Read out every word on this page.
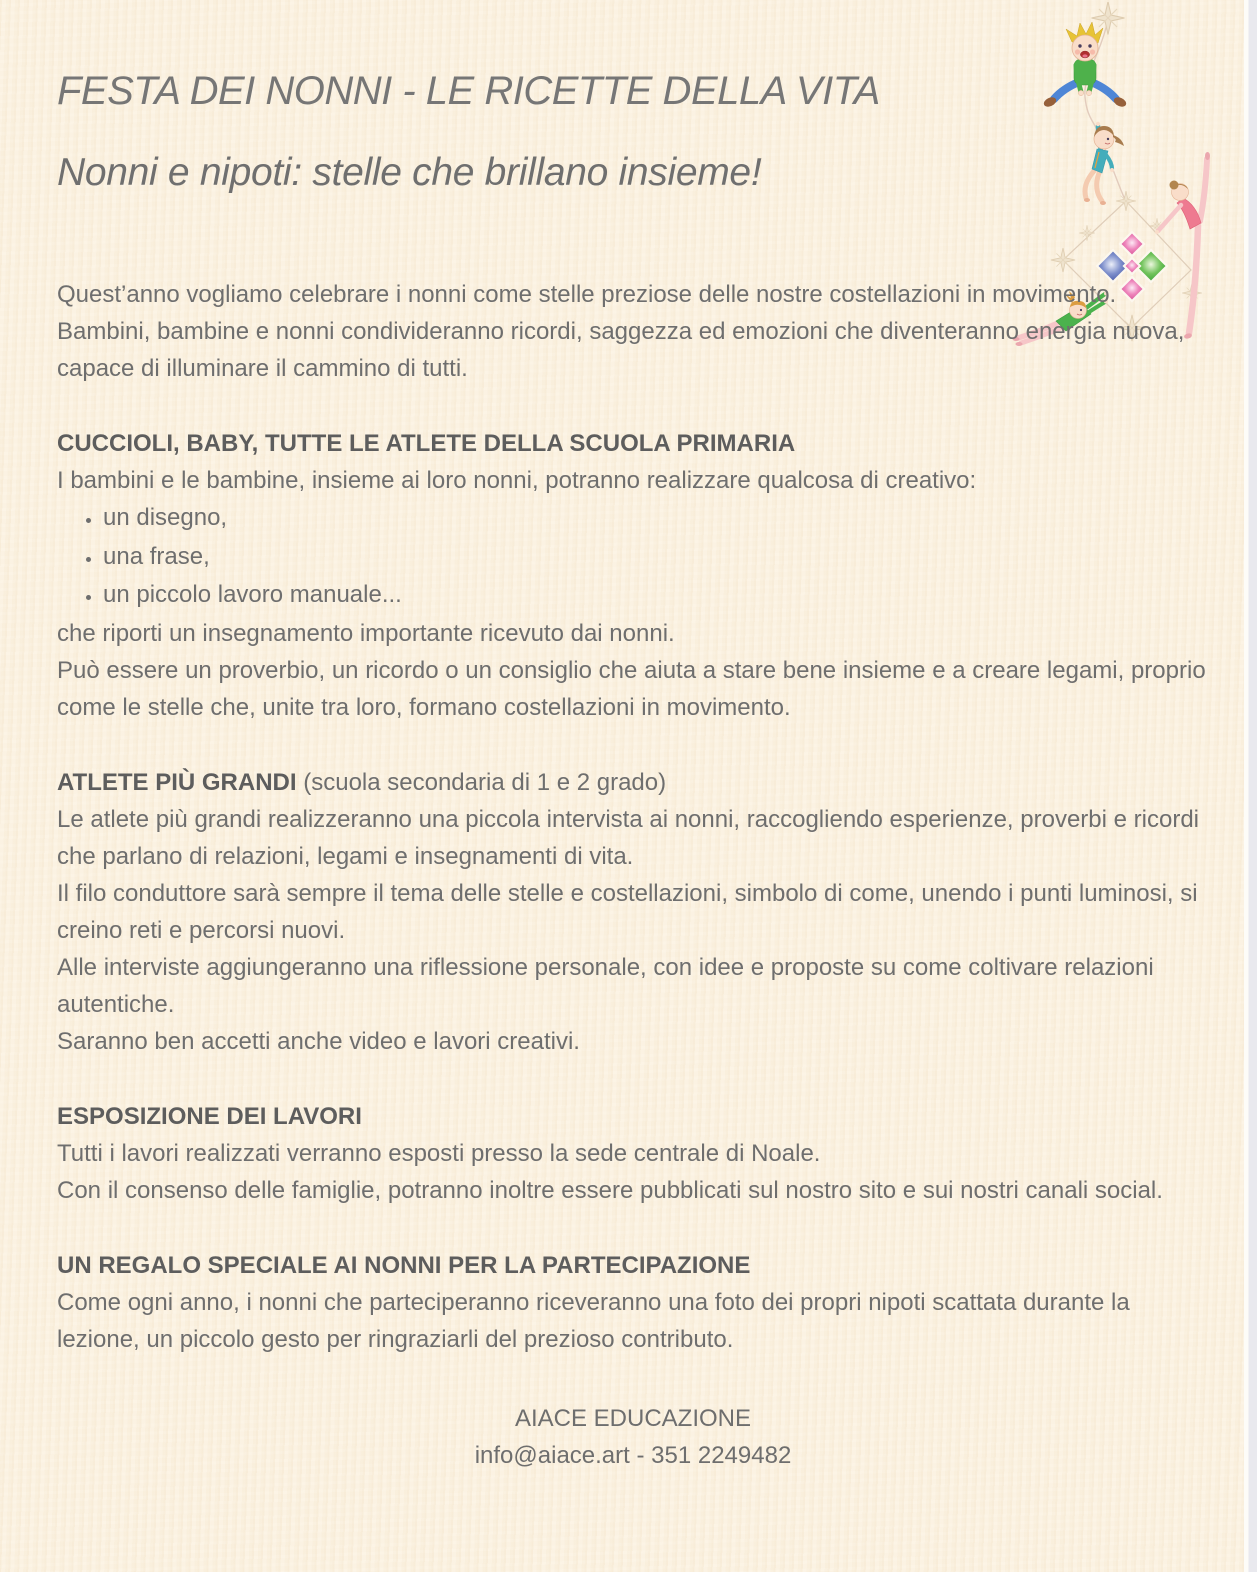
FESTA DEI NONNI - LE RICETTE DELLA VITA
Nonni e nipoti: stelle che brillano insieme!

Quest’anno vogliamo celebrare i nonni come stelle preziose delle nostre costellazioni in movimento.

Bambini, bambine e nonni condivideranno ricordi, saggezza ed emozioni che diventeranno energia nuova, capace di illuminare il cammino di tutti.

CUCCIOLI, BABY, TUTTE LE ATLETE DELLA SCUOLA PRIMARIA

I bambini e le bambine, insieme ai loro nonni, potranno realizzare qualcosa di creativo:

• un disegno,
• una frase,
• un piccolo lavoro manuale...

che riporti un insegnamento importante ricevuto dai nonni.

Può essere un proverbio, un ricordo o un consiglio che aiuta a stare bene insieme e a creare legami, proprio come le stelle che, unite tra loro, formano costellazioni in movimento.

ATLETE PIÙ GRANDI (scuola secondaria di 1 e 2 grado)

Le atlete più grandi realizzeranno una piccola intervista ai nonni, raccogliendo esperienze, proverbi e ricordi che parlano di relazioni, legami e insegnamenti di vita.

Il filo conduttore sarà sempre il tema delle stelle e costellazioni, simbolo di come, unendo i punti luminosi, si creino reti e percorsi nuovi.

Alle interviste aggiungeranno una riflessione personale, con idee e proposte su come coltivare relazioni autentiche.

Saranno ben accetti anche video e lavori creativi.

ESPOSIZIONE DEI LAVORI

Tutti i lavori realizzati verranno esposti presso la sede centrale di Noale.

Con il consenso delle famiglie, potranno inoltre essere pubblicati sul nostro sito e sui nostri canali social.

UN REGALO SPECIALE AI NONNI PER LA PARTECIPAZIONE

Come ogni anno, i nonni che parteciperanno riceveranno una foto dei propri nipoti scattata durante la lezione, un piccolo gesto per ringraziarli del prezioso contributo.

AIACE EDUCAZIONE

info@aiace.art - 351 2249482
